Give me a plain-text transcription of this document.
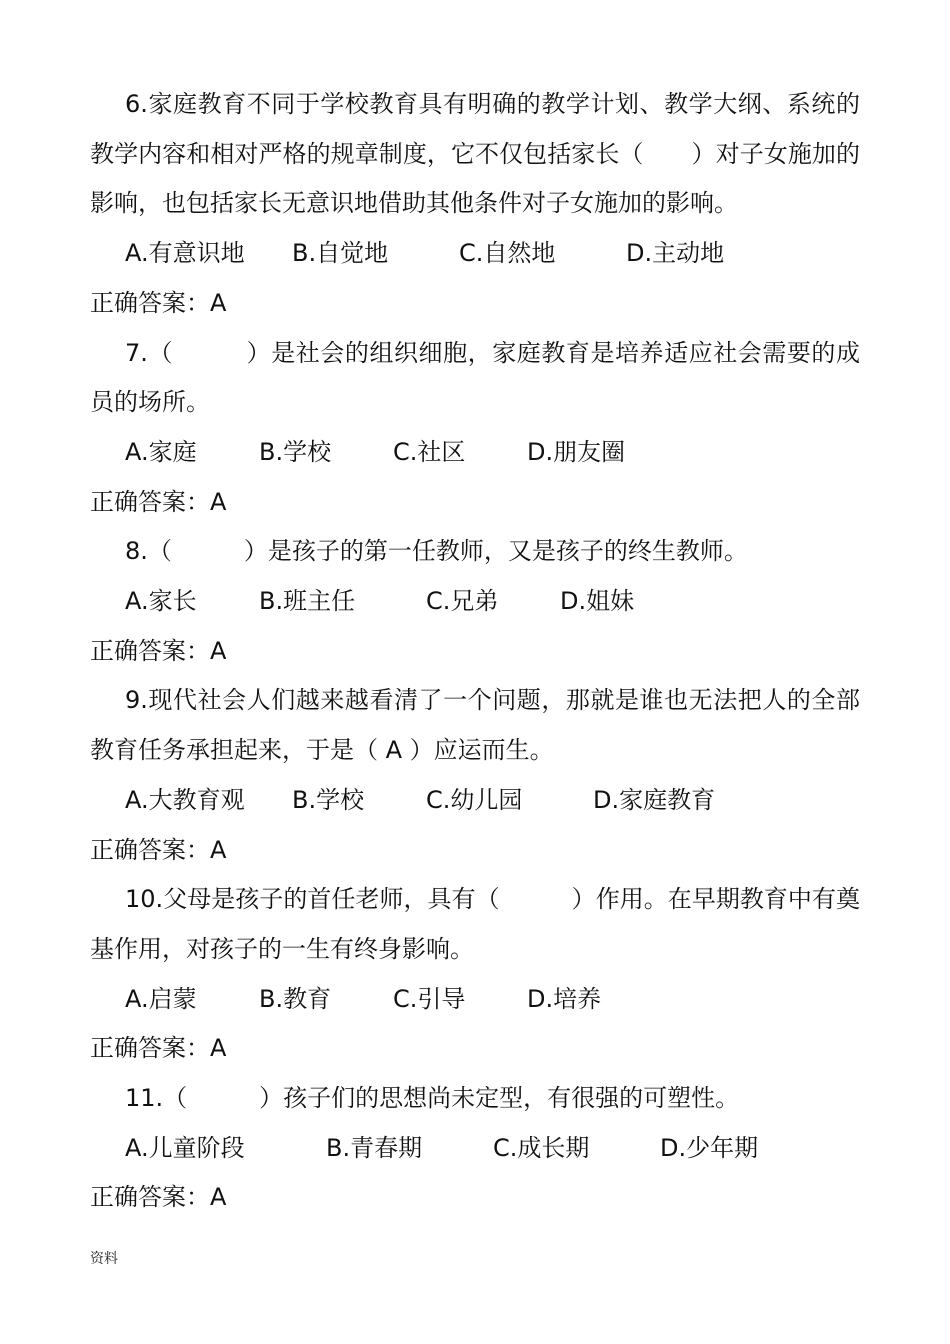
6.家庭教育不同于学校教育具有明确的教学计划、教学大纲、系统的教学内容和相对严格的规章制度，它不仅包括家长（　　）对子女施加的影响，也包括家长无意识地借助其他条件对子女施加的影响。

A.有意识地 B.自觉地	C.自然地	D.主动地

正确答案：A

7.（　　　）是社会的组织细胞，家庭教育是培养适应社会需要的成员的场所。

A.家庭	B.学校	C.社区	D.朋友圈

正确答案：A

8.（　　　）是孩子的第一任教师，又是孩子的终生教师。

A.家长	B.班主任	C.兄弟	D.姐妹

正确答案：A

9.现代社会人们越来越看清了一个问题，那就是谁也无法把人的全部教育任务承担起来，于是（ A ）应运而生。

A.大教育观 B.学校	C.幼儿园	D.家庭教育

正确答案：A

10.父母是孩子的首任老师，具有（　　　）作用。在早期教育中有奠基作用，对孩子的一生有终身影响。

A.启蒙	B.教育	C.引导	D.培养

正确答案：A

11.（　　　）孩子们的思想尚未定型，有很强的可塑性。

A.儿童阶段	B.青春期	C.成长期	D.少年期

正确答案：A

资料
